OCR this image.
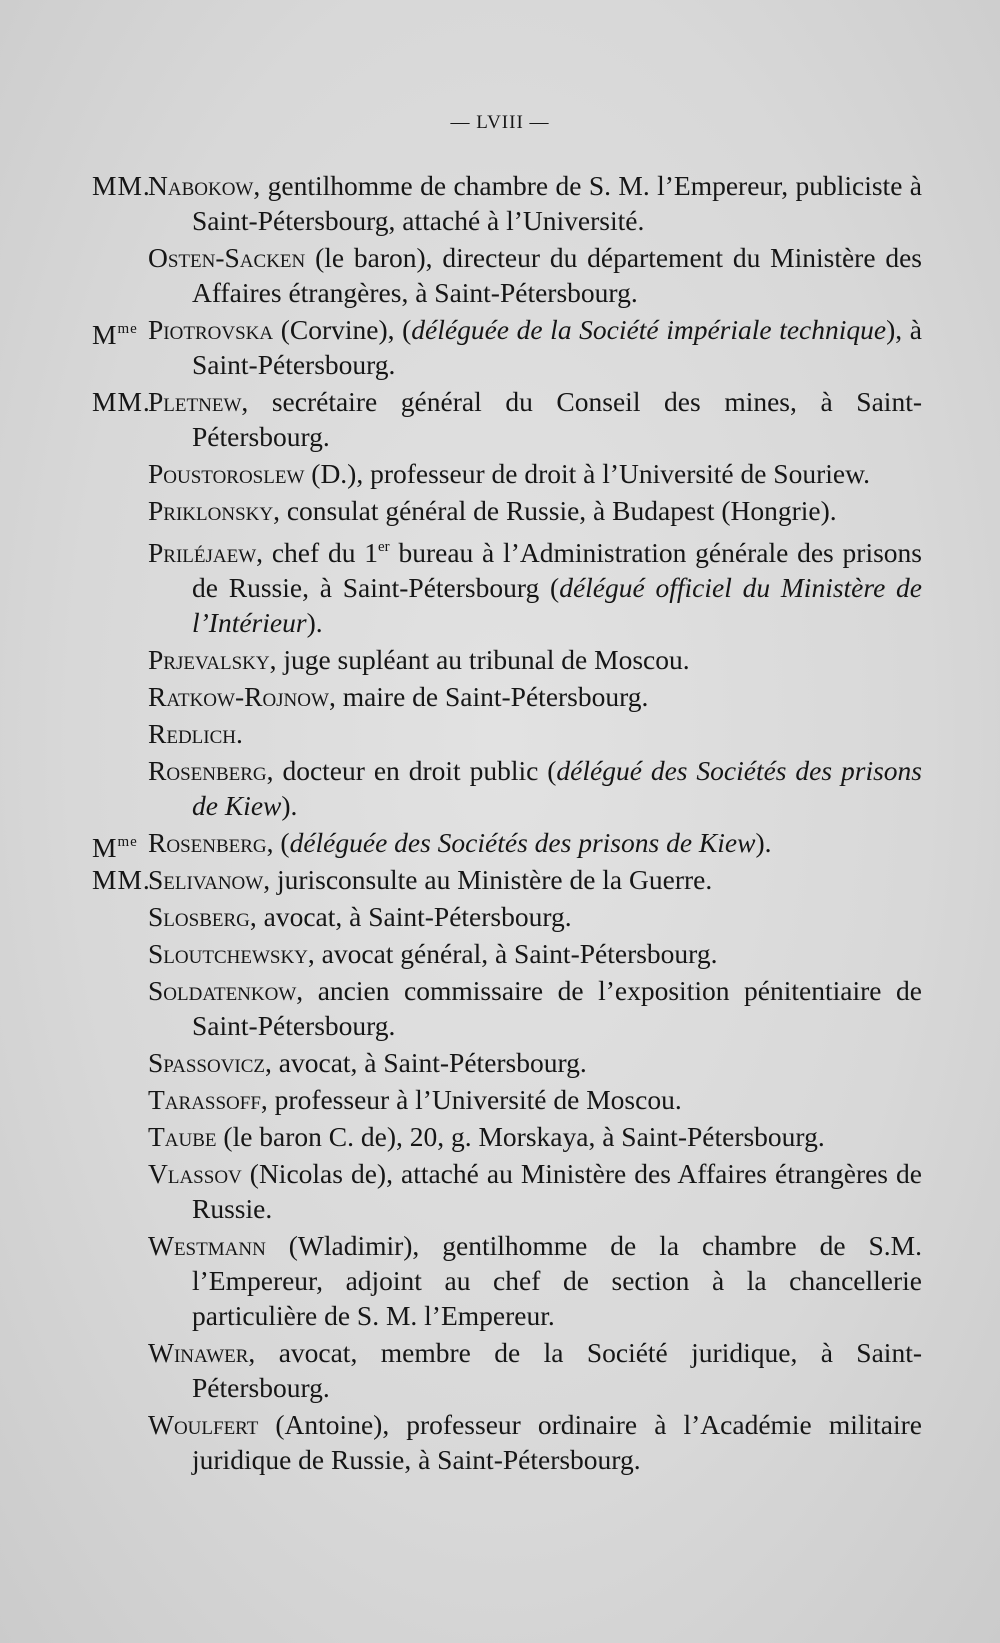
— LVIII —
MM.
Nabokow, gentilhomme de chambre de S. M. l’Empereur, publiciste à Saint-Pétersbourg, attaché à l’Université.
Osten-Sacken (le baron), directeur du département du Ministère des Affaires étrangères, à Saint-Pétersbourg.
$M^{me}$ Piotrovska (Corvine), (déléguée de la Société impériale technique), à Saint-Pétersbourg.
MM.
Pletnew, secrétaire général du Conseil des mines, à Saint-Pétersbourg.
Poustoroslew (D.), professeur de droit à l’Université de Souriew.
Priklonsky, consulat général de Russie, à Budapest (Hongrie).
Priléjaew, chef du 1er bureau à l’Administration générale des prisons de Russie, à Saint-Pétersbourg (délégué officiel du Ministère de l’Intérieur).
Prjevalsky, juge supléant au tribunal de Moscou.
Ratkow-Rojnow, maire de Saint-Pétersbourg.
Redlich.
Rosenberg, docteur en droit public (délégué des Sociétés des prisons de Kiew).
$M^{me}$ Rosenberg, (déléguée des Sociétés des prisons de Kiew).
MM.
Selivanow, jurisconsulte au Ministère de la Guerre.
Slosberg, avocat, à Saint-Pétersbourg.
Sloutchewsky, avocat général, à Saint-Pétersbourg.
Soldatenkow, ancien commissaire de l’exposition pénitentiaire de Saint-Pétersbourg.
Spassovicz, avocat, à Saint-Pétersbourg.
Tarassoff, professeur à l’Université de Moscou.
Taube (le baron C. de), 20, g. Morskaya, à Saint-Pétersbourg.
Vlassov (Nicolas de), attaché au Ministère des Affaires étrangères de Russie.
Westmann (Wladimir), gentilhomme de la chambre de S.M. l’Empereur, adjoint au chef de section à la chancellerie particulière de S. M. l’Empereur.
Winawer, avocat, membre de la Société juridique, à Saint-Pétersbourg.
Woulfert (Antoine), professeur ordinaire à l’Académie militaire juridique de Russie, à Saint-Pétersbourg.
